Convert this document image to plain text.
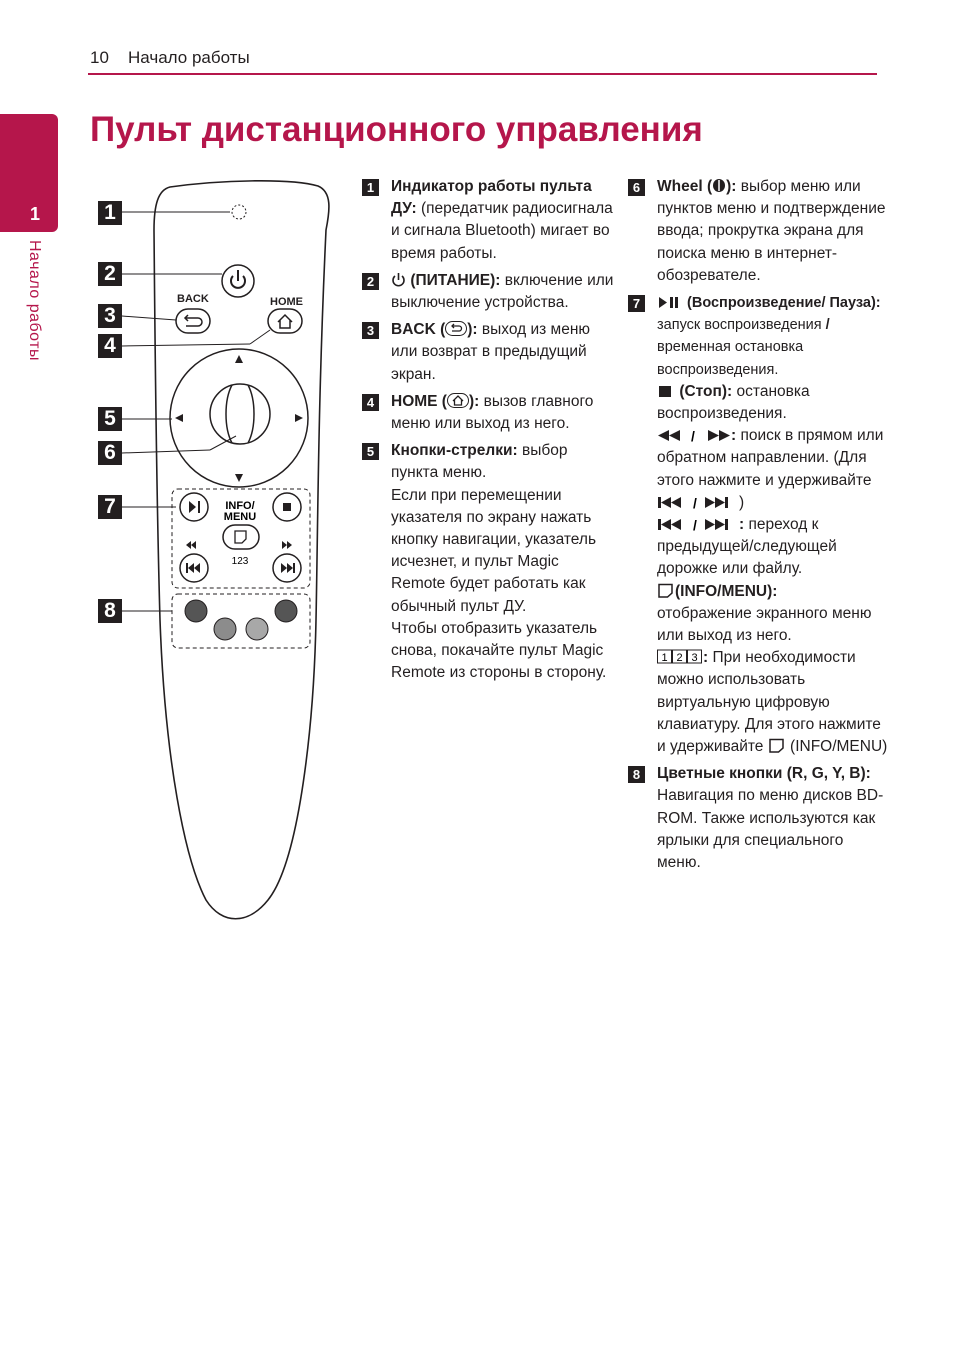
10 Начало работы
1
Начало работы
Пульт дистанционного управления
1
2
3
4
5
6
7
8
INFO/
MENU
123
BACK	HOME
1	Индикатор работы пульта ДУ: (передатчик радиосигнала и сигнала Bluetooth) мигает во время работы.
2	(ПИТАНИЕ): включение или выключение устройства.
3	BACK ( ): выход из меню или возврат в предыдущий экран.
4	HOME ( ): вызов главного меню или выход из него.
5	Кнопки-стрелки: выбор пункта меню.

Если при перемещении указателя по экрану нажать кнопку навигации, указатель исчезнет, и пульт Magic Remote будет работать как обычный пульт ДУ.

Чтобы отобразить указатель снова, покачайте пульт Magic Remote из стороны в сторону.

6	Wheel ( ): выбор меню или пунктов меню и подтверждение ввода; прокрутка экрана для поиска меню в интернет-обозревателе.
7	(Воспроизведение/ Пауза): запуск воспроизведения / временная остановка воспроизведения.

(Стоп): остановка воспроизведения.

/ : поиск в прямом или обратном направлении. (Для этого нажмите и удерживайте
/	)

/	: переход к предыдущей/следующей дорожке или файлу.

(INFO/MENU):

отображение экранного меню или выход из него.

1 2 3 : При необходимости можно использовать виртуальную цифровую клавиатуру. Для этого нажмите и удерживайте (INFO/MENU)

8	Цветные кнопки (R, G, Y, B): Навигация по меню дисков BD-ROM. Также используются как ярлыки для специального меню.
